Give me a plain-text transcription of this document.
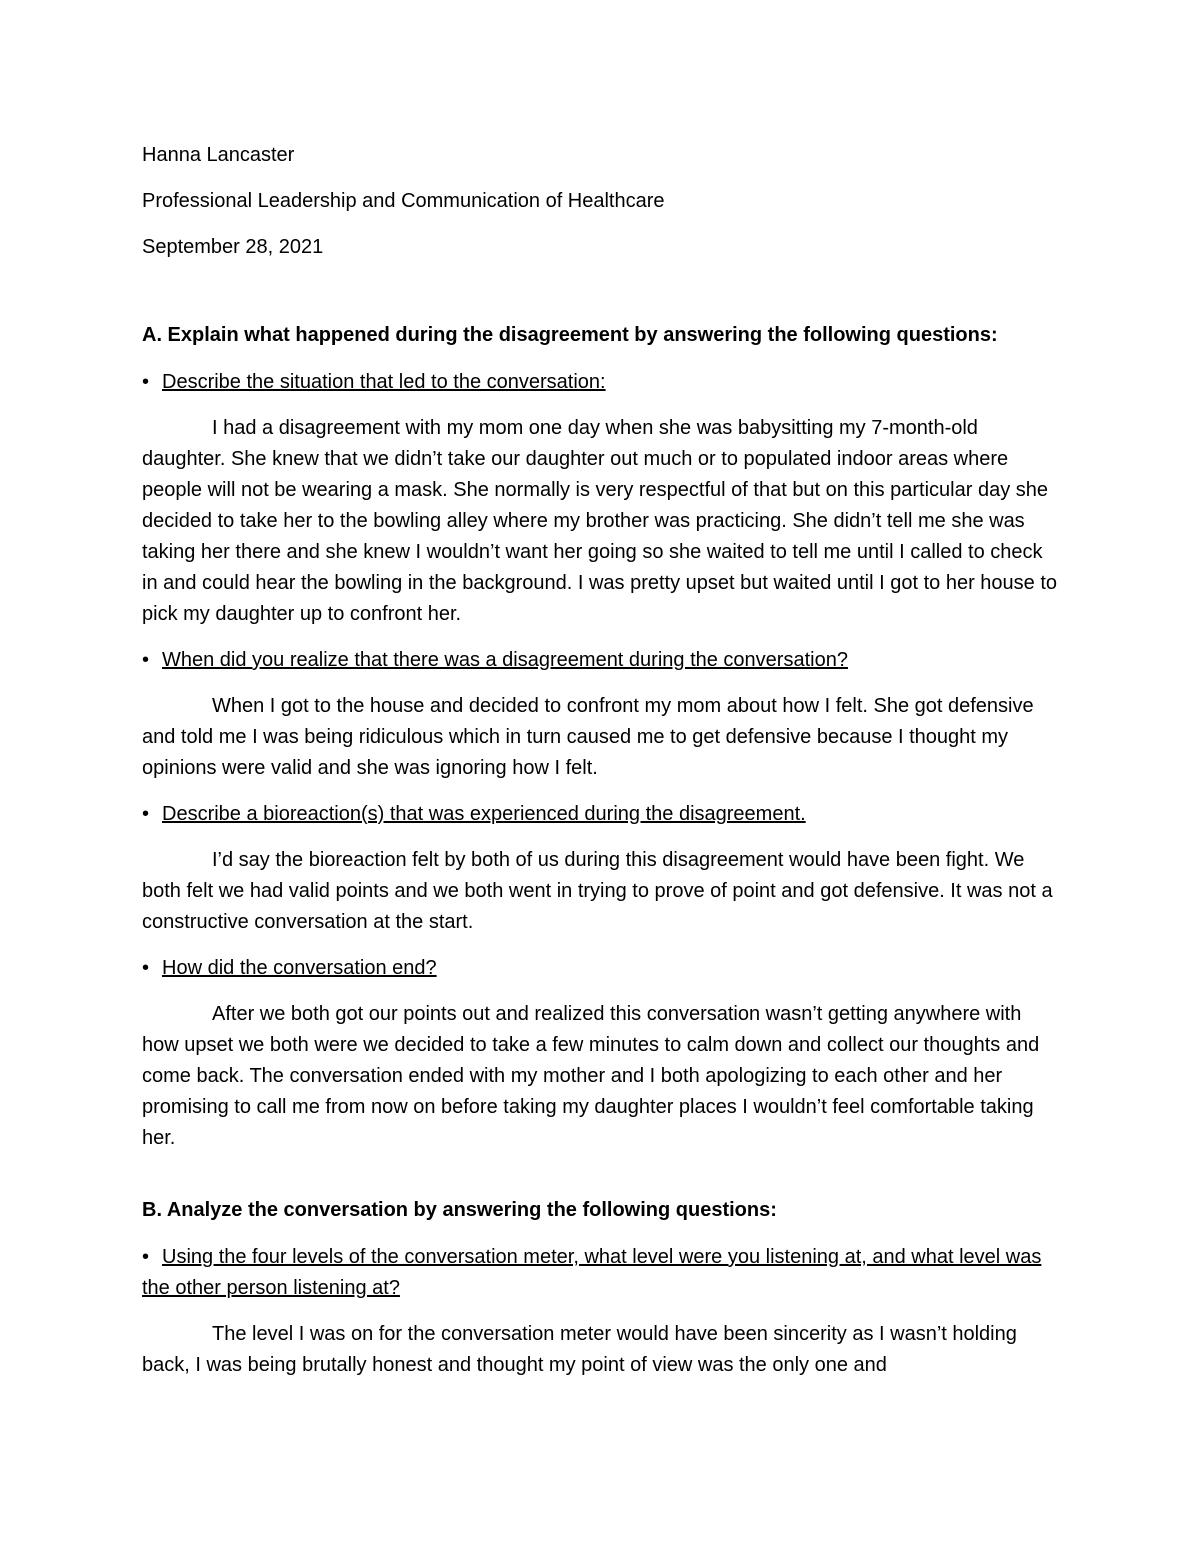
Hanna Lancaster
Professional Leadership and Communication of Healthcare
September 28, 2021
A. Explain what happened during the disagreement by answering the following questions:
• Describe the situation that led to the conversation:

I had a disagreement with my mom one day when she was babysitting my 7-month-old daughter. She knew that we didn’t take our daughter out much or to populated indoor areas where people will not be wearing a mask. She normally is very respectful of that but on this particular day she decided to take her to the bowling alley where my brother was practicing. She didn’t tell me she was taking her there and she knew I wouldn’t want her going so she waited to tell me until I called to check in and could hear the bowling in the background. I was pretty upset but waited until I got to her house to pick my daughter up to confront her.

• When did you realize that there was a disagreement during the conversation?

When I got to the house and decided to confront my mom about how I felt. She got defensive and told me I was being ridiculous which in turn caused me to get defensive because I thought my opinions were valid and she was ignoring how I felt.

• Describe a bioreaction(s) that was experienced during the disagreement.

I’d say the bioreaction felt by both of us during this disagreement would have been fight. We both felt we had valid points and we both went in trying to prove of point and got defensive. It was not a constructive conversation at the start.

• How did the conversation end?

After we both got our points out and realized this conversation wasn’t getting anywhere with how upset we both were we decided to take a few minutes to calm down and collect our thoughts and come back. The conversation ended with my mother and I both apologizing to each other and her promising to call me from now on before taking my daughter places I wouldn’t feel comfortable taking her.

B. Analyze the conversation by answering the following questions:
• Using the four levels of the conversation meter, what level were you listening at, and what level was the other person listening at?

The level I was on for the conversation meter would have been sincerity as I wasn’t holding back, I was being brutally honest and thought my point of view was the only one and
